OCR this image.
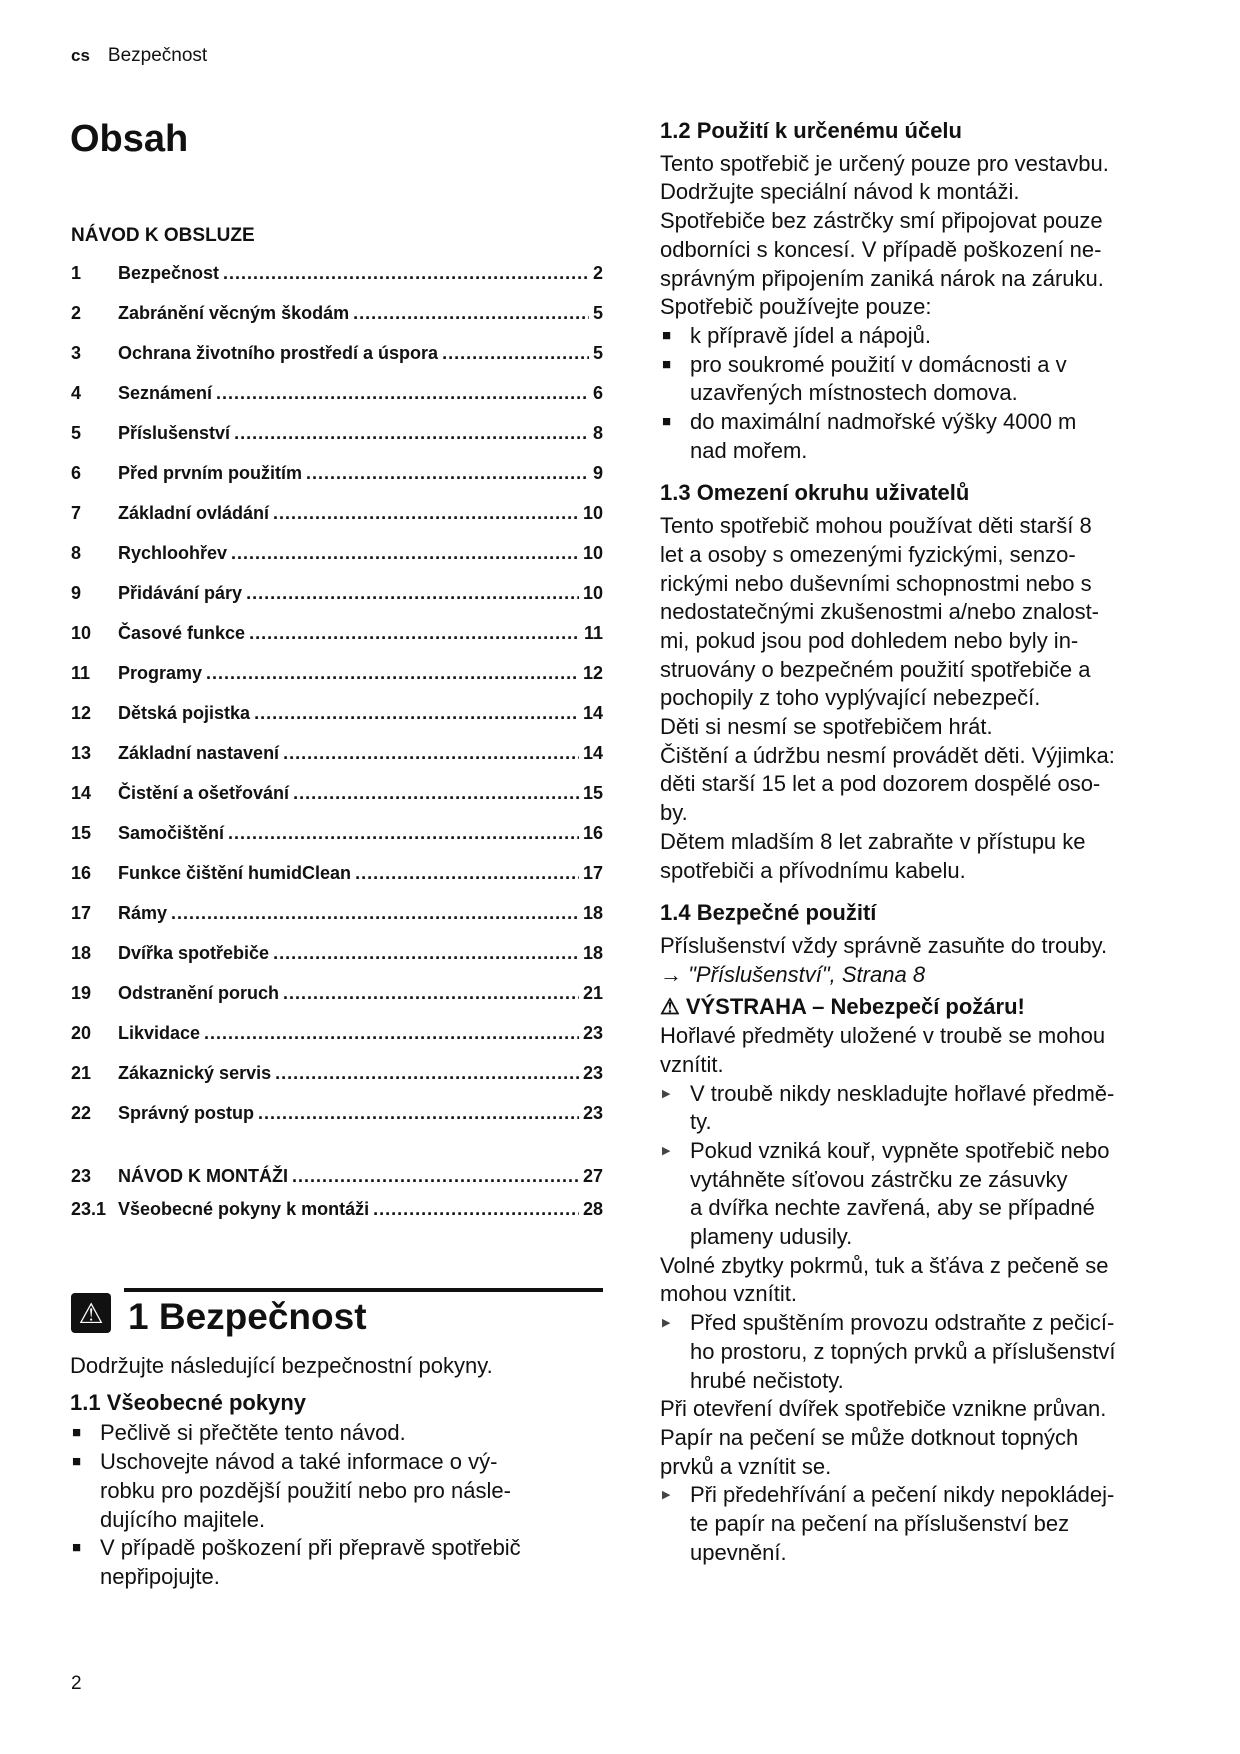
cs Bezpečnost
Obsah
NÁVOD K OBSLUZE
1	Bezpečnost .....	2
2	Zabránění věcným škodám .....	5
3	Ochrana životního prostředí a úspora .....	5
4	Seznámení .....	6
5	Příslušenství .....	8
6	Před prvním použitím .....	9
7	Základní ovládání .....	10
8	Rychloohřev .....	10
9	Přidávání páry .....	10
10	Časové funkce .....	11
11	Programy .....	12
12	Dětská pojistka .....	14
13	Základní nastavení .....	14
14	Čistění a ošetřování .....	15
15	Samočištění .....	16
16	Funkce čištění humidClean .....	17
17	Rámy .....	18
18	Dvířka spotřebiče .....	18
19	Odstranění poruch .....	21
20	Likvidace .....	23
21	Zákaznický servis .....	23
22	Správný postup .....	23
23	NÁVOD K MONTÁŽI .....	27
23.1 Všeobecné pokyny k montáži .....	28
⚠ 1 Bezpečnost
Dodržujte následující bezpečnostní pokyny.
1.1 Všeobecné pokyny
■ Pečlivě si přečtěte tento návod.
■ Uschovejte návod a také informace o vý-
robku pro pozdější použití nebo pro násle-
dujícího majitele.
■ V případě poškození při přepravě spotřebič
nepřipojujte.
1.2 Použití k určenému účelu
Tento spotřebič je určený pouze pro vestavbu.
Dodržujte speciální návod k montáži.
Spotřebiče bez zástrčky smí připojovat pouze
odborníci s koncesí. V případě poškození ne-
správným připojením zaniká nárok na záruku.
Spotřebič používejte pouze:
■ k přípravě jídel a nápojů.
■ pro soukromé použití v domácnosti a v
uzavřených místnostech domova.
■ do maximální nadmořské výšky 4000 m
nad mořem.
1.3 Omezení okruhu uživatelů
Tento spotřebič mohou používat děti starší 8
let a osoby s omezenými fyzickými, senzo-
rickými nebo duševními schopnostmi nebo s
nedostatečnými zkušenostmi a/nebo znalost-
mi, pokud jsou pod dohledem nebo byly in-
struovány o bezpečném použití spotřebiče a
pochopily z toho vyplývající nebezpečí.
Děti si nesmí se spotřebičem hrát.
Čištění a údržbu nesmí provádět děti. Výjimka:
děti starší 15 let a pod dozorem dospělé oso-
by.
Dětem mladším 8 let zabraňte v přístupu ke
spotřebiči a přívodnímu kabelu.
1.4 Bezpečné použití
Příslušenství vždy správně zasuňte do trouby.
→ "Příslušenství", Strana 8
⚠ VÝSTRAHA – Nebezpečí požáru!
Hořlavé předměty uložené v troubě se mohou
vznítit.
▶ V troubě nikdy neskladujte hořlavé předmě-
ty.
▶ Pokud vzniká kouř, vypněte spotřebič nebo
vytáhněte síťovou zástrčku ze zásuvky
a dvířka nechte zavřená, aby se případné
plameny udusily.
Volné zbytky pokrmů, tuk a šťáva z pečeně se
mohou vznítit.
▶ Před spuštěním provozu odstraňte z pečicí-
ho prostoru, z topných prvků a příslušenství
hrubé nečistoty.
Při otevření dvířek spotřebiče vznikne průvan.
Papír na pečení se může dotknout topných
prvků a vznítit se.
▶ Při předehřívání a pečení nikdy nepokládej-
te papír na pečení na příslušenství bez
upevnění.
2
